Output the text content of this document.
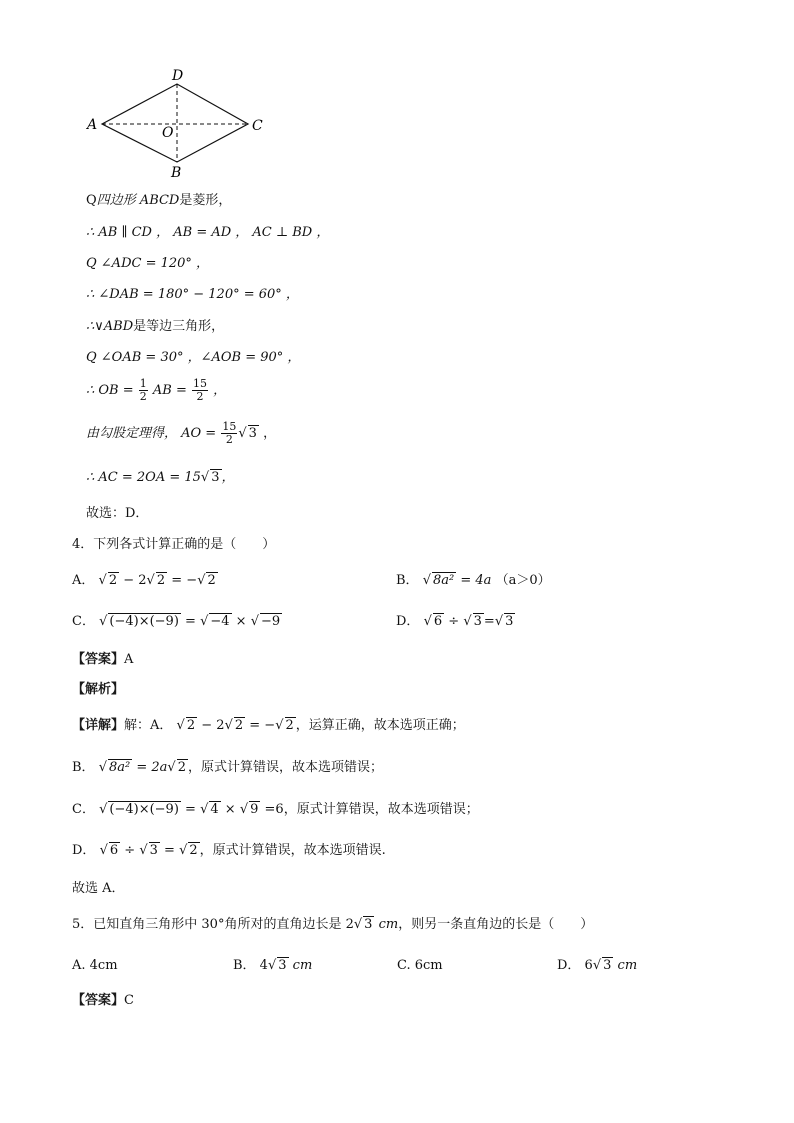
D
A	C
O
B
Q四边形 ABCD是菱形，
∴ AB ∥ CD ， AB = AD ， AC ⊥ BD ，
Q ∠ADC = 120° ，
∴ ∠DAB = 180° − 120° = 60° ，
∴∨ABD是等边三角形，
Q ∠OAB = 30° ，∠AOB = 90° ，
∴ OB = $\frac{1}{2}$ AB = $\frac{15}{2}$ ，
由勾股定理得， AO = $\frac{15}{2}$ √ 3 ，
∴ AC = 2OA = 15√ 3 ，
故选：D．
4．下列各式计算正确的是（　　）
A． √ 2 − 2√ 2 = −√ 2	B． √ 8a² = 4a （a＞0）
C． √ (−4)×(−9) = √ −4 × √ −9	D． √ 6 ÷ √ 3 =√ 3
【答案】A
【解析】
【详解】解：A． √ 2 − 2√ 2 = −√ 2 ，运算正确，故本选项正确；
B． √ 8a² = 2a√ 2 ，原式计算错误，故本选项错误；
C． √ (−4)×(−9) = √ 4 × √ 9 =6，原式计算错误，故本选项错误；
D． √ 6 ÷ √ 3 = √ 2 ，原式计算错误，故本选项错误.
故选 A．
5．已知直角三角形中 30°角所对的直角边长是 2√ 3 cm，则另一条直角边的长是（　　）
A. 4cm	B． 4√ 3 cm	C. 6cm	D． 6√ 3 cm
【答案】C
